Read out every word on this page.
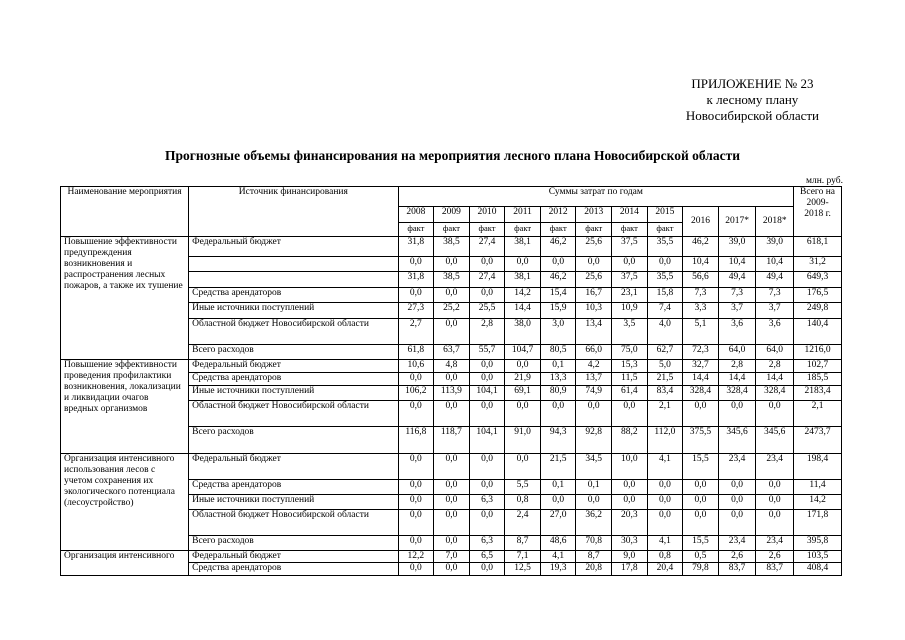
ПРИЛОЖЕНИЕ № 23
к лесному плану
Новосибирской области
Прогнозные объемы финансирования на мероприятия лесного плана Новосибирской области
млн. руб.
Наименование мероприятия	Источник финансирования	Суммы затрат по годам											Всего на 2009-2018 г.
		2008	2009	2010	2011	2012	2013	2014	2015	2016	2017*	2018*	
		факт	факт	факт	факт	факт	факт	факт	факт				
Повышение эффективности предупреждения возникновения и распространения лесных пожаров, а также их тушение	Федеральный бюджет	31,8	38,5	27,4	38,1	46,2	25,6	37,5	35,5	46,2	39,0	39,0	618,1
		0,0	0,0	0,0	0,0	0,0	0,0	0,0	0,0	10,4	10,4	10,4	31,2
		31,8	38,5	27,4	38,1	46,2	25,6	37,5	35,5	56,6	49,4	49,4	649,3
	Средства арендаторов	0,0	0,0	0,0	14,2	15,4	16,7	23,1	15,8	7,3	7,3	7,3	176,5
	Иные источники поступлений	27,3	25,2	25,5	14,4	15,9	10,3	10,9	7,4	3,3	3,7	3,7	249,8
	Областной бюджет Новосибирской области	2,7	0,0	2,8	38,0	3,0	13,4	3,5	4,0	5,1	3,6	3,6	140,4
	Всего расходов	61,8	63,7	55,7	104,7	80,5	66,0	75,0	62,7	72,3	64,0	64,0	1216,0
Повышение эффективности проведения профилактики возникновения, локализации и ликвидации очагов вредных организмов	Федеральный бюджет	10,6	4,8	0,0	0,0	0,1	4,2	15,3	5,0	32,7	2,8	2,8	102,7
	Средства арендаторов	0,0	0,0	0,0	21,9	13,3	13,7	11,5	21,5	14,4	14,4	14,4	185,5
	Иные источники поступлений	106,2	113,9	104,1	69,1	80,9	74,9	61,4	83,4	328,4	328,4	328,4	2183,4
	Областной бюджет Новосибирской области	0,0	0,0	0,0	0,0	0,0	0,0	0,0	2,1	0,0	0,0	0,0	2,1
	Всего расходов	116,8	118,7	104,1	91,0	94,3	92,8	88,2	112,0	375,5	345,6	345,6	2473,7
Организация интенсивного использования лесов с учетом сохранения их экологического потенциала (лесоустройство)	Федеральный бюджет	0,0	0,0	0,0	0,0	21,5	34,5	10,0	4,1	15,5	23,4	23,4	198,4
	Средства арендаторов	0,0	0,0	0,0	5,5	0,1	0,1	0,0	0,0	0,0	0,0	0,0	11,4
	Иные источники поступлений	0,0	0,0	6,3	0,8	0,0	0,0	0,0	0,0	0,0	0,0	0,0	14,2
	Областной бюджет Новосибирской области	0,0	0,0	0,0	2,4	27,0	36,2	20,3	0,0	0,0	0,0	0,0	171,8
	Всего расходов	0,0	0,0	6,3	8,7	48,6	70,8	30,3	4,1	15,5	23,4	23,4	395,8
Организация интенсивного	Федеральный бюджет	12,2	7,0	6,5	7,1	4,1	8,7	9,0	0,8	0,5	2,6	2,6	103,5
	Средства арендаторов	0,0	0,0	0,0	12,5	19,3	20,8	17,8	20,4	79,8	83,7	83,7	408,4
